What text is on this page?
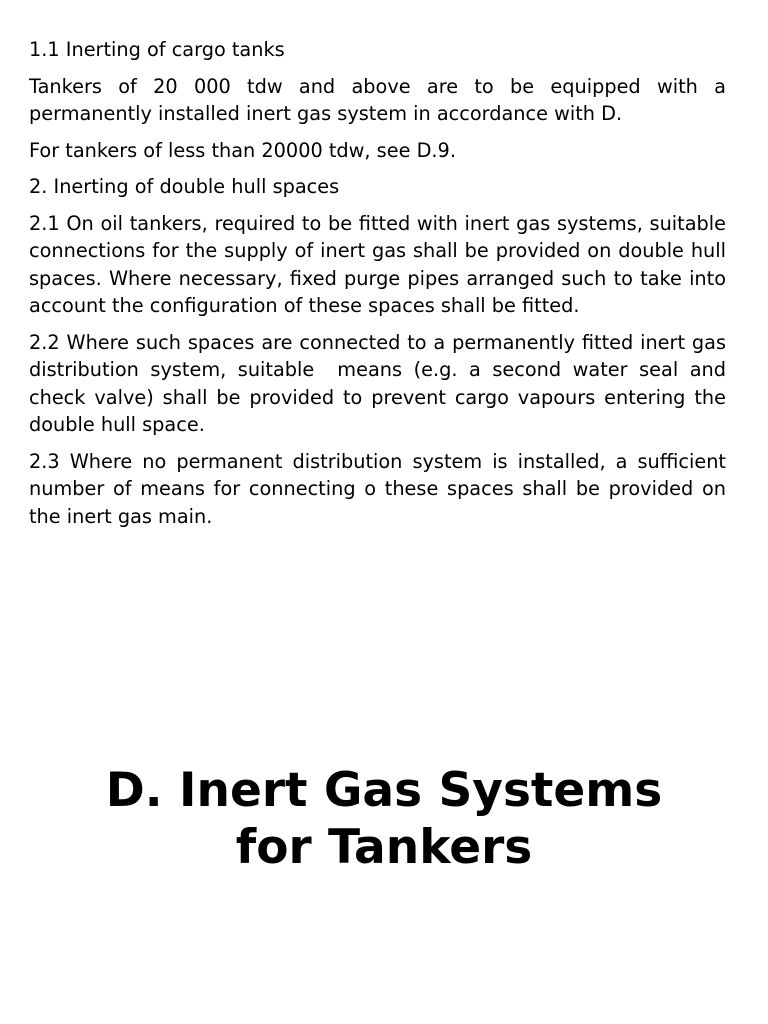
1.1 Inerting of cargo tanks

Tankers of 20 000 tdw and above are to be equipped with a permanently installed inert gas system in accordance with D.

For tankers of less than 20000 tdw, see D.9.

2. Inerting of double hull spaces

2.1 On oil tankers, required to be fitted with inert gas systems, suitable connections for the supply of inert gas shall be provided on double hull spaces. Where necessary, fixed purge pipes arranged such to take into account the configuration of these spaces shall be fitted.

2.2 Where such spaces are connected to a permanently fitted inert gas distribution system, suitable  means (e.g. a second water seal and check valve) shall be provided to prevent cargo vapours entering the double hull space.

2.3 Where no permanent distribution system is installed, a sufficient number of means for connecting o these spaces shall be provided on the inert gas main.

D. Inert Gas Systems
for Tankers
